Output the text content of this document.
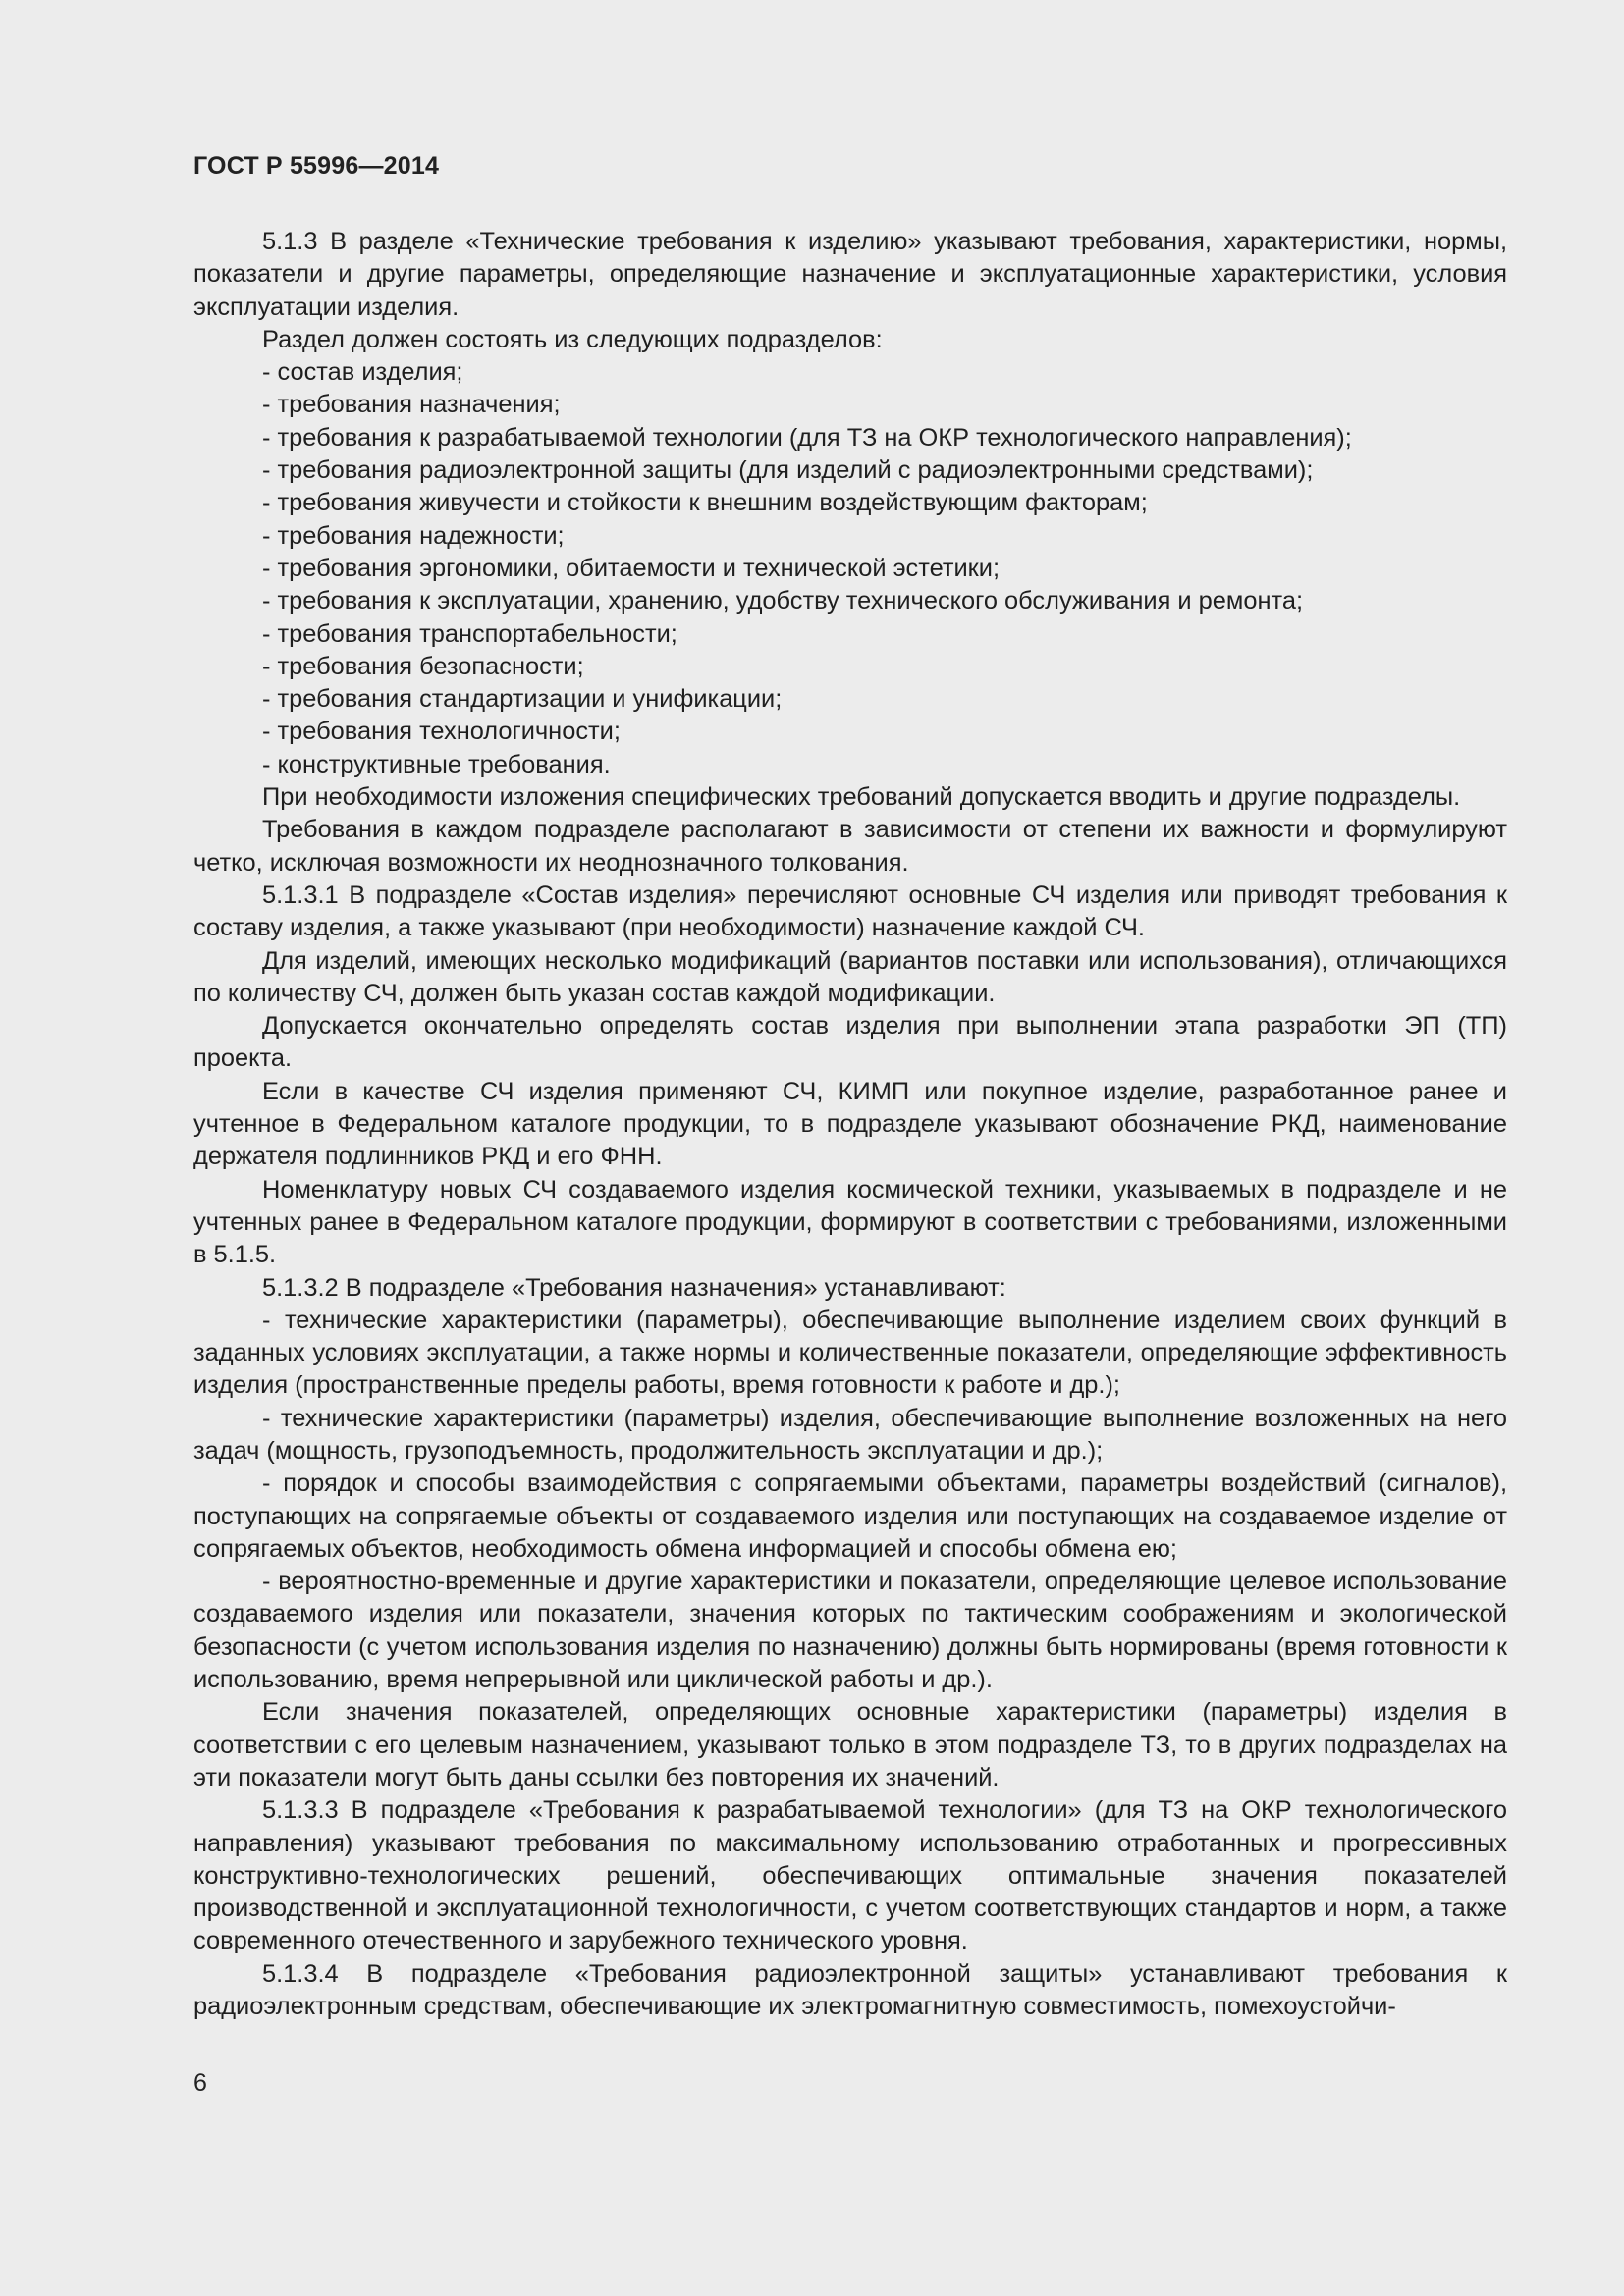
ГОСТ Р 55996—2014

5.1.3 В разделе «Технические требования к изделию» указывают требования, характеристики, нормы, показатели и другие параметры, определяющие назначение и эксплуатационные характеристики, условия эксплуатации изделия.

Раздел должен состоять из следующих подразделов:

- состав изделия;

- требования назначения;

- требования к разрабатываемой технологии (для ТЗ на ОКР технологического направления);

- требования радиоэлектронной защиты (для изделий с радиоэлектронными средствами);

- требования живучести и стойкости к внешним воздействующим факторам;

- требования надежности;

- требования эргономики, обитаемости и технической эстетики;

- требования к эксплуатации, хранению, удобству технического обслуживания и ремонта;

- требования транспортабельности;

- требования безопасности;

- требования стандартизации и унификации;

- требования технологичности;

- конструктивные требования.

При необходимости изложения специфических требований допускается вводить и другие подразделы.

Требования в каждом подразделе располагают в зависимости от степени их важности и формулируют четко, исключая возможности их неоднозначного толкования.

5.1.3.1 В подразделе «Состав изделия» перечисляют основные СЧ изделия или приводят требования к составу изделия, а также указывают (при необходимости) назначение каждой СЧ.

Для изделий, имеющих несколько модификаций (вариантов поставки или использования), отличающихся по количеству СЧ, должен быть указан состав каждой модификации.

Допускается окончательно определять состав изделия при выполнении этапа разработки ЭП (ТП) проекта.

Если в качестве СЧ изделия применяют СЧ, КИМП или покупное изделие, разработанное ранее и учтенное в Федеральном каталоге продукции, то в подразделе указывают обозначение РКД, наименование держателя подлинников РКД и его ФНН.

Номенклатуру новых СЧ создаваемого изделия космической техники, указываемых в подразделе и не учтенных ранее в Федеральном каталоге продукции, формируют в соответствии с требованиями, изложенными в 5.1.5.

5.1.3.2 В подразделе «Требования назначения» устанавливают:

- технические характеристики (параметры), обеспечивающие выполнение изделием своих функций в заданных условиях эксплуатации, а также нормы и количественные показатели, определяющие эффективность изделия (пространственные пределы работы, время готовности к работе и др.);

- технические характеристики (параметры) изделия, обеспечивающие выполнение возложенных на него задач (мощность, грузоподъемность, продолжительность эксплуатации и др.);

- порядок и способы взаимодействия с сопрягаемыми объектами, параметры воздействий (сигналов), поступающих на сопрягаемые объекты от создаваемого изделия или поступающих на создаваемое изделие от сопрягаемых объектов, необходимость обмена информацией и способы обмена ею;

- вероятностно-временные и другие характеристики и показатели, определяющие целевое использование создаваемого изделия или показатели, значения которых по тактическим соображениям и экологической безопасности (с учетом использования изделия по назначению) должны быть нормированы (время готовности к использованию, время непрерывной или циклической работы и др.).

Если значения показателей, определяющих основные характеристики (параметры) изделия в соответствии с его целевым назначением, указывают только в этом подразделе ТЗ, то в других подразделах на эти показатели могут быть даны ссылки без повторения их значений.

5.1.3.3 В подразделе «Требования к разрабатываемой технологии» (для ТЗ на ОКР технологического направления) указывают требования по максимальному использованию отработанных и прогрессивных конструктивно-технологических решений, обеспечивающих оптимальные значения показателей производственной и эксплуатационной технологичности, с учетом соответствующих стандартов и норм, а также современного отечественного и зарубежного технического уровня.

5.1.3.4 В подразделе «Требования радиоэлектронной защиты» устанавливают требования к радиоэлектронным средствам, обеспечивающие их электромагнитную совместимость, помехоустойчи-

6
